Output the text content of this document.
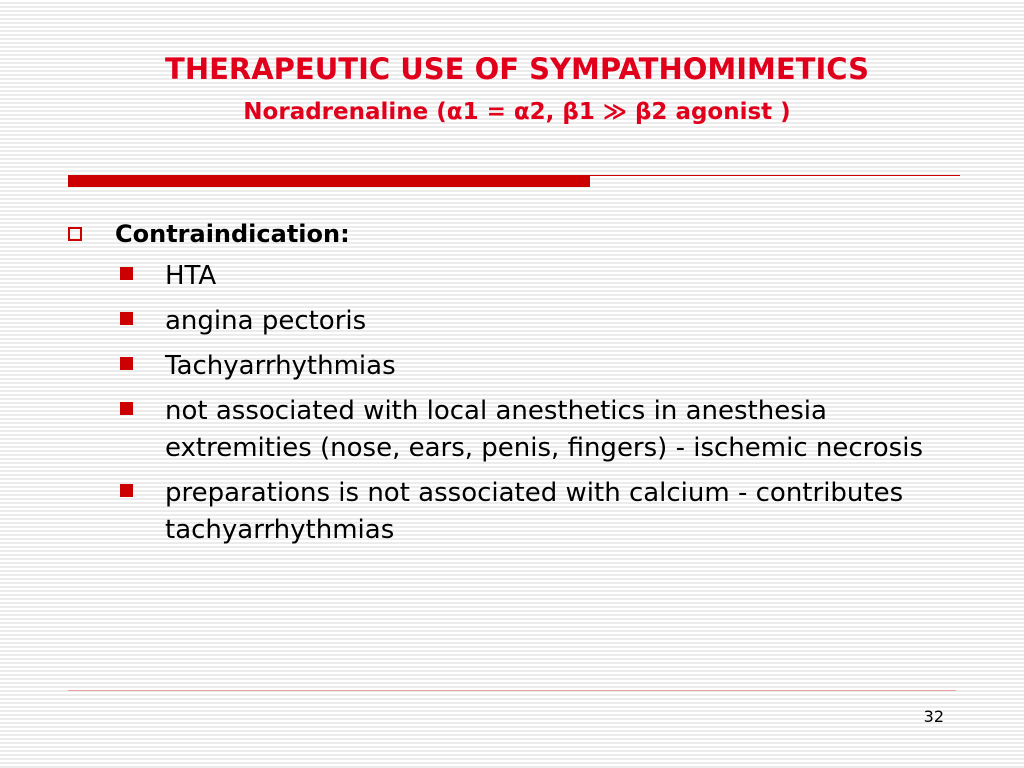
THERAPEUTIC USE OF SYMPATHOMIMETICS
Noradrenaline (α1 = α2, β1 ≫ β2 agonist )
Contraindication:
HTA
angina pectoris
Tachyarrhythmias
not associated with local anesthetics in anesthesia extremities (nose, ears, penis, fingers) - ischemic necrosis
preparations is not associated with calcium - contributes tachyarrhythmias
32
